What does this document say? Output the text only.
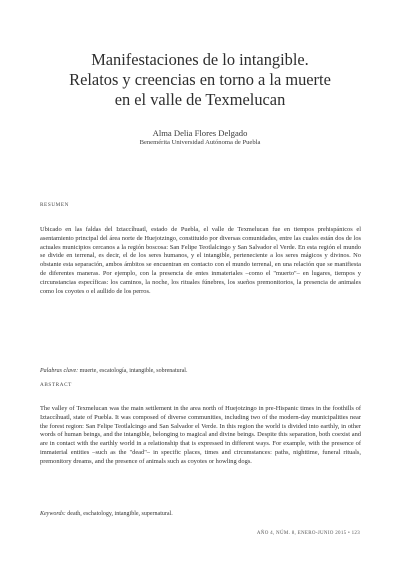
Manifestaciones de lo intangible.
Relatos y creencias en torno a la muerte
en el valle de Texmelucan
Alma Delia Flores Delgado
Benemérita Universidad Autónoma de Puebla
RESUMEN

Ubicado en las faldas del Iztaccíhuatl, estado de Puebla, el valle de Texmelucan fue en tiempos prehispánicos el asentamiento principal del área norte de Huejotzingo, constituido por diversas comunidades, entre las cuales están dos de los actuales municipios cercanos a la región boscosa: San Felipe Teotlalcingo y San Salvador el Verde. En esta región el mundo se divide en terrenal, es decir, el de los seres humanos, y el intangible, perteneciente a los seres mágicos y divinos. No obstante esta separación, ambos ámbitos se encuentran en contacto con el mundo terrenal, en una relación que se manifiesta de diferentes maneras. Por ejemplo, con la presencia de entes inmateriales –como el "muerto"– en lugares, tiempos y circunstancias específicas: los caminos, la noche, los rituales fúnebres, los sueños premonitorios, la presencia de animales como los coyotes o el aullido de los perros.

Palabras clave: muerte, escatología, intangible, sobrenatural.
ABSTRACT

The valley of Texmelucan was the main settlement in the area north of Huejotzingo in pre-Hispanic times in the foothills of Iztaccíhuatl, state of Puebla. It was composed of diverse communities, including two of the modern-day municipalities near the forest region: San Felipe Teotlalcingo and San Salvador el Verde. In this region the world is divided into earthly, in other words of human beings, and the intangible, belonging to magical and divine beings. Despite this separation, both coexist and are in contact with the earthly world in a relationship that is expressed in different ways. For example, with the presence of immaterial entities –such as the "dead"– in specific places, times and circumstances: paths, nighttime, funeral rituals, premonitory dreams, and the presence of animals such as coyotes or howling dogs.

Keywords: death, eschatology, intangible, supernatural.
AÑO 4, NÚM. 8, ENERO-JUNIO 2015 • 123
